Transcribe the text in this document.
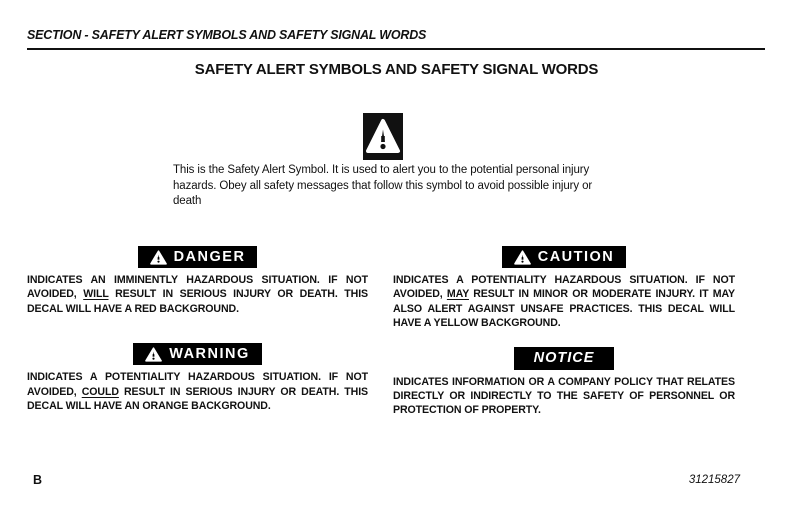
SECTION - SAFETY ALERT SYMBOLS AND SAFETY SIGNAL WORDS
SAFETY ALERT SYMBOLS AND SAFETY SIGNAL WORDS
This is the Safety Alert Symbol. It is used to alert you to the potential personal injury hazards. Obey all safety messages that follow this symbol to avoid possible injury or death
DANGER
INDICATES AN IMMINENTLY HAZARDOUS SITUATION. IF NOT AVOIDED, WILL RESULT IN SERIOUS INJURY OR DEATH. THIS DECAL WILL HAVE A RED BACKGROUND.
WARNING
INDICATES A POTENTIALITY HAZARDOUS SITUATION. IF NOT AVOIDED, COULD RESULT IN SERIOUS INJURY OR DEATH. THIS DECAL WILL HAVE AN ORANGE BACKGROUND.
CAUTION
INDICATES A POTENTIALITY HAZARDOUS SITUATION. IF NOT AVOIDED, MAY RESULT IN MINOR OR MODERATE INJURY. IT MAY ALSO ALERT AGAINST UNSAFE PRACTICES. THIS DECAL WILL HAVE A YELLOW BACKGROUND.
NOTICE
INDICATES INFORMATION OR A COMPANY POLICY THAT RELATES DIRECTLY OR INDIRECTLY TO THE SAFETY OF PERSONNEL OR PROTECTION OF PROPERTY.
B	31215827
